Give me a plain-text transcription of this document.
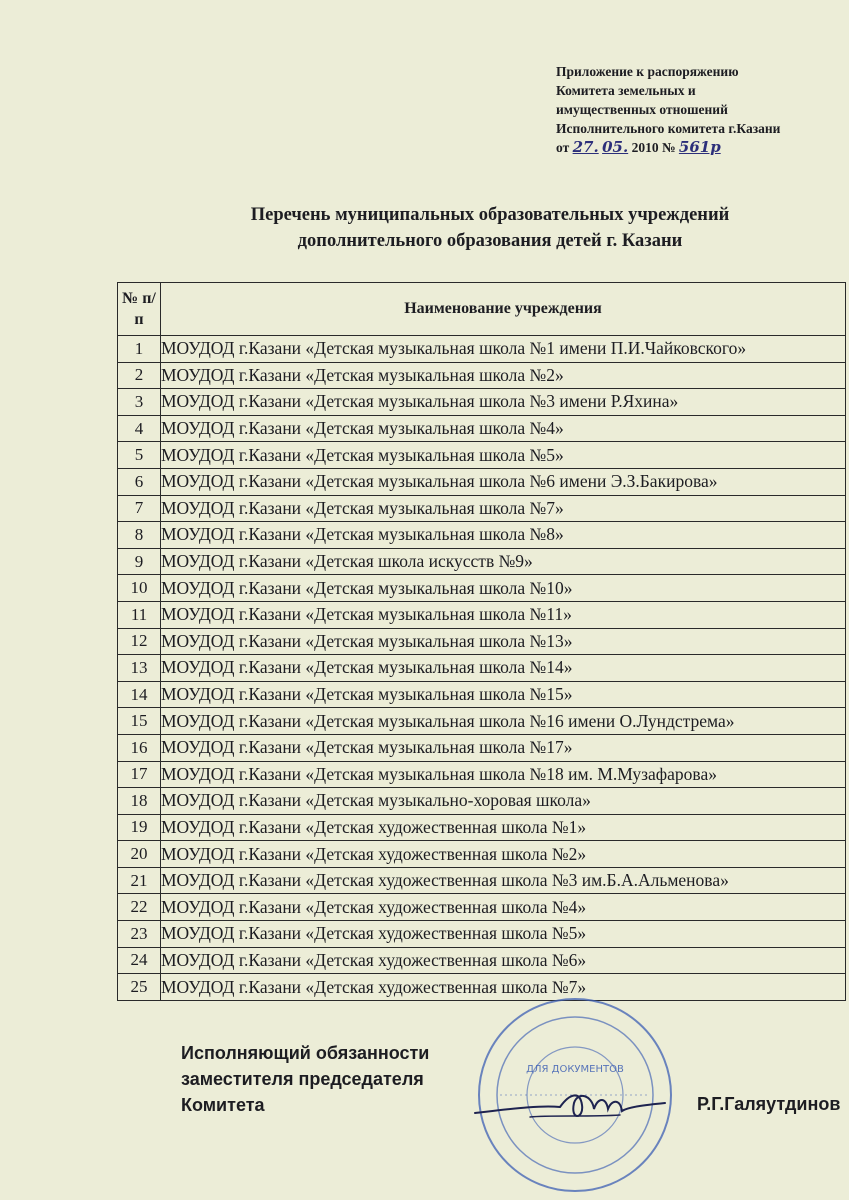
Приложение к распоряжению
Комитета земельных и
имущественных отношений
Исполнительного комитета г.Казани
от 27. 05. 2010 № 561р
Перечень муниципальных образовательных учреждений
дополнительного образования детей г. Казани
№ п/п	Наименование учреждения
1	МОУДОД г.Казани «Детская музыкальная школа №1 имени П.И.Чайковского»
2	МОУДОД г.Казани «Детская музыкальная школа №2»
3	МОУДОД г.Казани «Детская музыкальная школа №3 имени Р.Яхина»
4	МОУДОД г.Казани «Детская музыкальная школа №4»
5	МОУДОД г.Казани «Детская музыкальная школа №5»
6	МОУДОД г.Казани «Детская музыкальная школа №6 имени Э.З.Бакирова»
7	МОУДОД г.Казани «Детская музыкальная школа №7»
8	МОУДОД г.Казани «Детская музыкальная школа №8»
9	МОУДОД г.Казани «Детская школа искусств №9»
10	МОУДОД г.Казани «Детская музыкальная школа №10»
11	МОУДОД г.Казани «Детская музыкальная школа №11»
12	МОУДОД г.Казани «Детская музыкальная школа №13»
13	МОУДОД г.Казани «Детская музыкальная школа №14»
14	МОУДОД г.Казани «Детская музыкальная школа №15»
15	МОУДОД г.Казани «Детская музыкальная школа №16 имени О.Лундстрема»
16	МОУДОД г.Казани «Детская музыкальная школа №17»
17	МОУДОД г.Казани «Детская музыкальная школа №18 им. М.Музафарова»
18	МОУДОД г.Казани «Детская музыкально-хоровая школа»
19	МОУДОД г.Казани «Детская художественная школа №1»
20	МОУДОД г.Казани «Детская художественная школа №2»
21	МОУДОД г.Казани «Детская художественная школа №3 им.Б.А.Альменова»
22	МОУДОД г.Казани «Детская художественная школа №4»
23	МОУДОД г.Казани «Детская художественная школа №5»
24	МОУДОД г.Казани «Детская художественная школа №6»
25	МОУДОД г.Казани «Детская художественная школа №7»
Исполняющий обязанности
заместителя председателя
Комитета
ДЛЯ ДОКУМЕНТОВ
Р.Г.Галяутдинов
